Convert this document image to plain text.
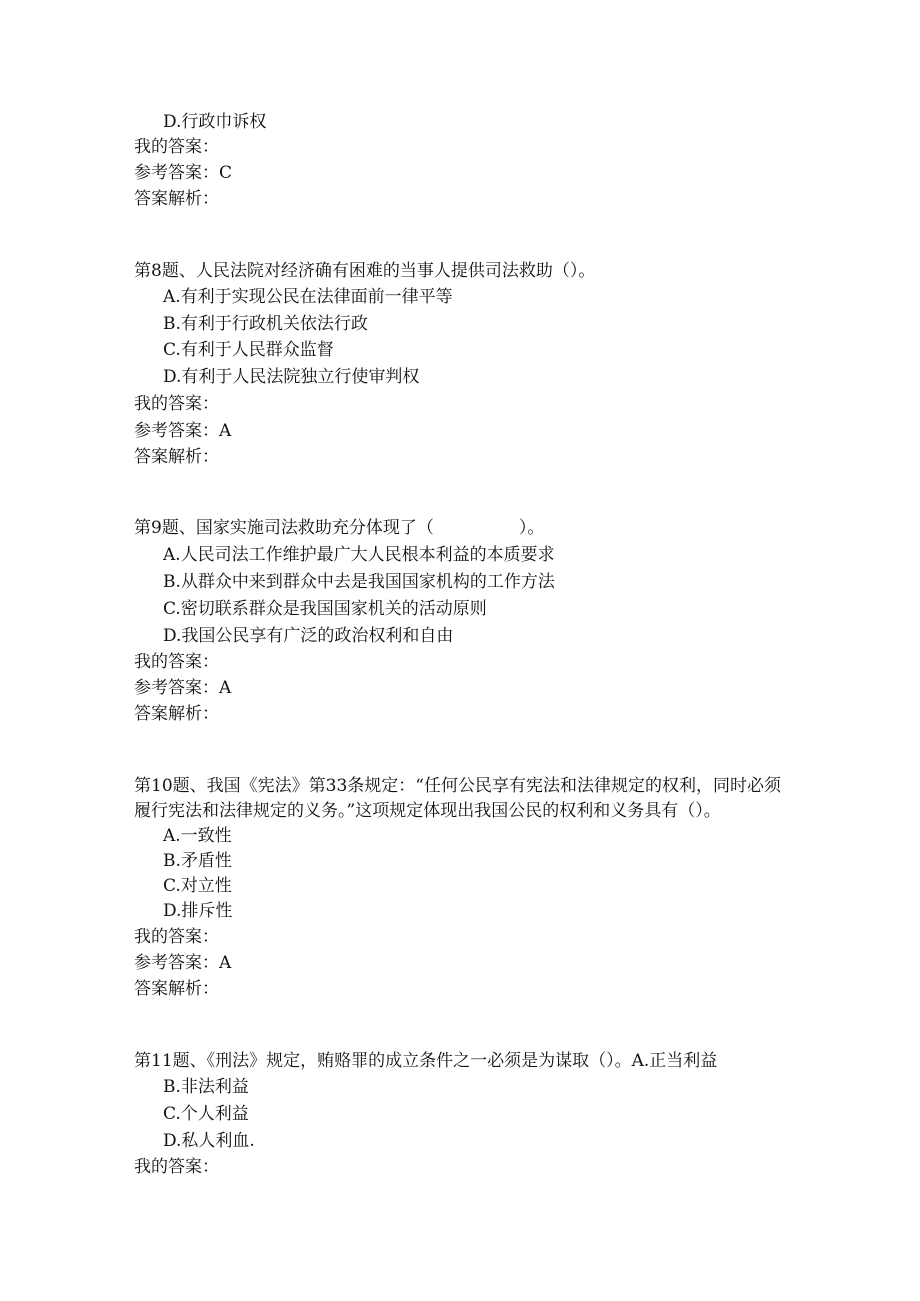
D.行政巾诉权
我的答案：
参考答案：C
答案解析：
第8题、人民法院对经济确有困难的当事人提供司法救助（）。
A.有利于实现公民在法律面前一律平等
B.有利于行政机关依法行政
C.有利于人民群众监督
D.有利于人民法院独立行使审判权
我的答案：
参考答案：A
答案解析：
第9题、国家实施司法救助充分体现了（　　　　　）。
A.人民司法工作维护最广大人民根本利益的本质要求
B.从群众中来到群众中去是我国国家机构的工作方法
C.密切联系群众是我国国家机关的活动原则
D.我国公民享有广泛的政治权利和自由
我的答案：
参考答案：A
答案解析：
第10题、我国《宪法》第33条规定：“任何公民享有宪法和法律规定的权利，同时必须
履行宪法和法律规定的义务。”这项规定体现出我国公民的权利和义务具有（）。
A.一致性
B.矛盾性
C.对立性
D.排斥性
我的答案：
参考答案：A
答案解析：
第11题、《刑法》规定，贿赂罪的成立条件之一必须是为谋取（）。A.正当利益
B.非法利益
C.个人利益
D.私人利血.
我的答案：
